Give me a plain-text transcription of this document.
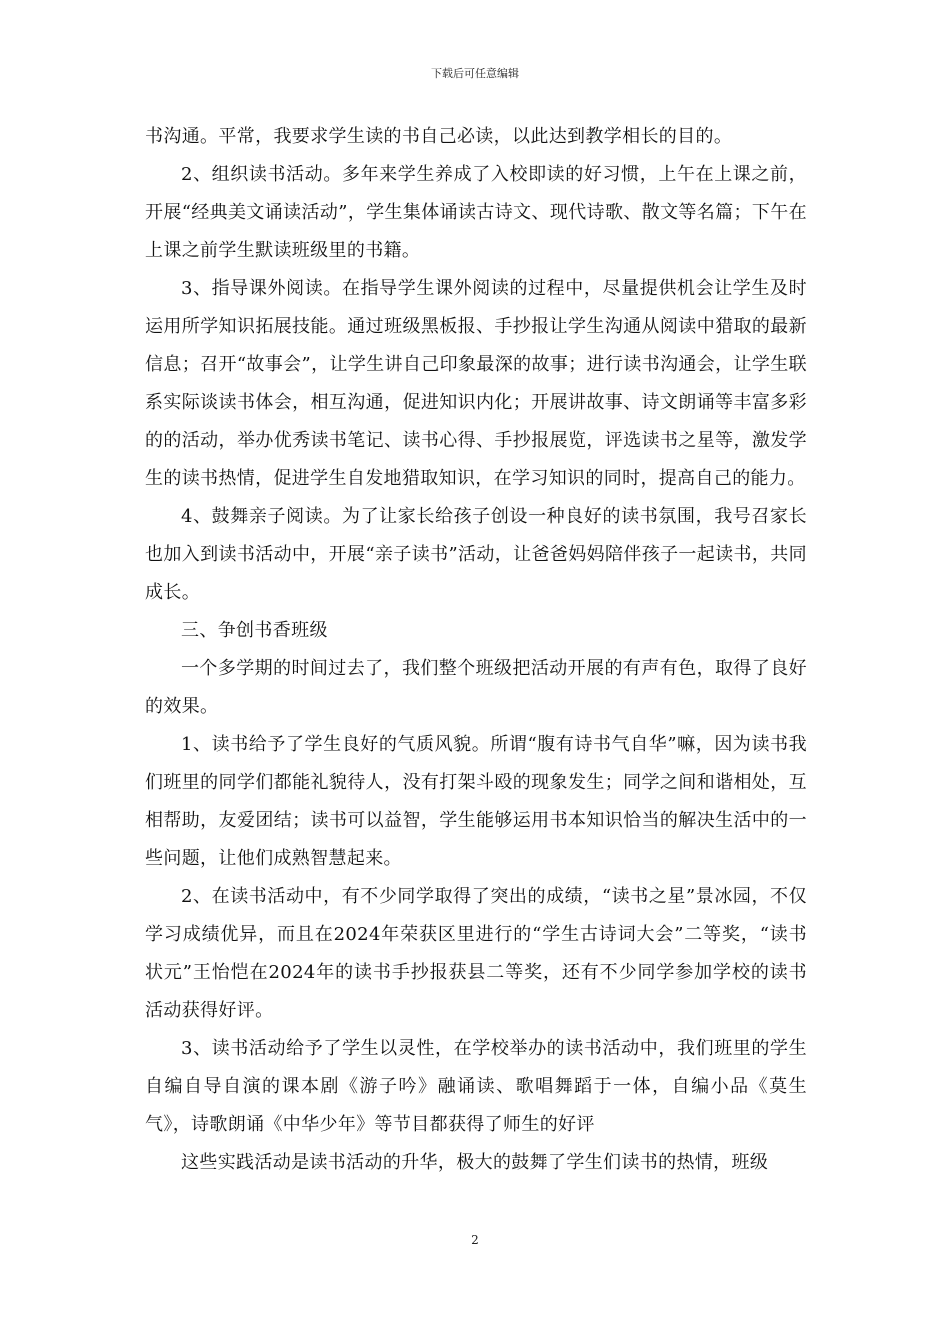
下载后可任意编辑

书沟通。平常，我要求学生读的书自己必读，以此达到教学相长的目的。

2、组织读书活动。多年来学生养成了入校即读的好习惯，上午在上课之前，开展“经典美文诵读活动”，学生集体诵读古诗文、现代诗歌、散文等名篇；下午在上课之前学生默读班级里的书籍。

3、指导课外阅读。在指导学生课外阅读的过程中，尽量提供机会让学生及时运用所学知识拓展技能。通过班级黑板报、手抄报让学生沟通从阅读中猎取的最新信息；召开“故事会”，让学生讲自己印象最深的故事；进行读书沟通会，让学生联系实际谈读书体会，相互沟通，促进知识内化；开展讲故事、诗文朗诵等丰富多彩的的活动，举办优秀读书笔记、读书心得、手抄报展览，评选读书之星等，激发学生的读书热情，促进学生自发地猎取知识，在学习知识的同时，提高自己的能力。

4、鼓舞亲子阅读。为了让家长给孩子创设一种良好的读书氛围，我号召家长也加入到读书活动中，开展“亲子读书”活动，让爸爸妈妈陪伴孩子一起读书，共同成长。

三、争创书香班级

一个多学期的时间过去了，我们整个班级把活动开展的有声有色，取得了良好的效果。

1、读书给予了学生良好的气质风貌。所谓“腹有诗书气自华”嘛，因为读书我们班里的同学们都能礼貌待人，没有打架斗殴的现象发生；同学之间和谐相处，互相帮助，友爱团结；读书可以益智，学生能够运用书本知识恰当的解决生活中的一些问题，让他们成熟智慧起来。

2、在读书活动中，有不少同学取得了突出的成绩，“读书之星”景冰园，不仅学习成绩优异，而且在2024年荣获区里进行的“学生古诗词大会”二等奖，“读书状元”王怡恺在2024年的读书手抄报获县二等奖，还有不少同学参加学校的读书活动获得好评。

3、读书活动给予了学生以灵性，在学校举办的读书活动中，我们班里的学生自编自导自演的课本剧《游子吟》融诵读、歌唱舞蹈于一体，自编小品《莫生气》，诗歌朗诵《中华少年》等节目都获得了师生的好评

这些实践活动是读书活动的升华，极大的鼓舞了学生们读书的热情，班级

2
